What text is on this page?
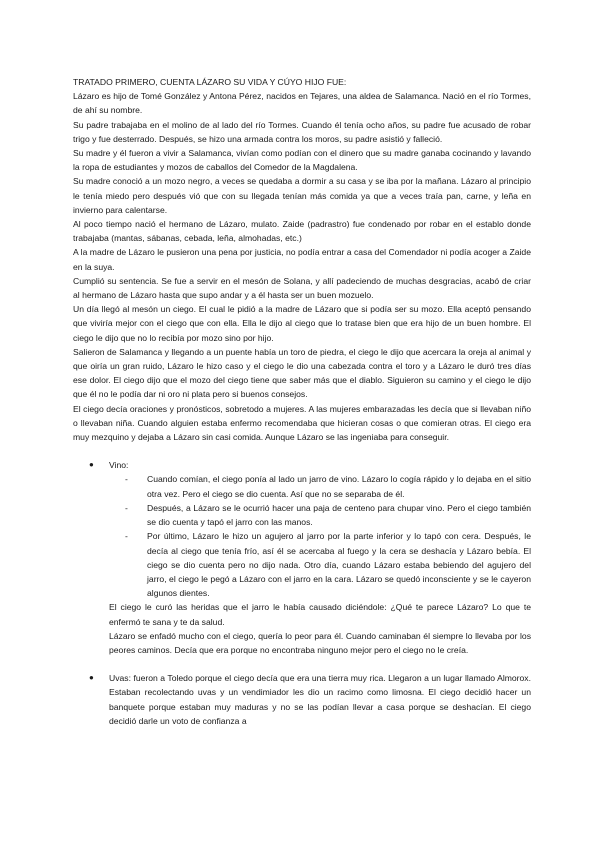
TRATADO PRIMERO, CUENTA LÁZARO SU VIDA Y CÚYO HIJO FUE:

Lázaro es hijo de Tomé González y Antona Pérez, nacidos en Tejares, una aldea de Salamanca. Nació en el río Tormes, de ahí su nombre.

Su padre trabajaba en el molino de al lado del río Tormes. Cuando él tenía ocho años, su padre fue acusado de robar trigo y fue desterrado. Después, se hizo una armada contra los moros, su padre asistió y falleció.

Su madre y él fueron a vivir a Salamanca, vivían como podían con el dinero que su madre ganaba cocinando y lavando la ropa de estudiantes y mozos de caballos del Comedor de la Magdalena.

Su madre conoció a un mozo negro, a veces se quedaba a dormir a su casa y se iba por la mañana. Lázaro al principio le tenía miedo pero después vió que con su llegada tenían más comida ya que a veces traía pan, carne, y leña en invierno para calentarse.

Al poco tiempo nació el hermano de Lázaro, mulato. Zaide (padrastro) fue condenado por robar en el establo donde trabajaba (mantas, sábanas, cebada, leña, almohadas, etc.)

A la madre de Lázaro le pusieron una pena por justicia, no podía entrar a casa del Comendador ni podía acoger a Zaide en la suya.

Cumplió su sentencia. Se fue a servir en el mesón de Solana, y allí padeciendo de muchas desgracias, acabó de criar al hermano de Lázaro hasta que supo andar y a él hasta ser un buen mozuelo.

Un día llegó al mesón un ciego. El cual le pidió a la madre de Lázaro que si podía ser su mozo. Ella aceptó pensando que viviría mejor con el ciego que con ella. Ella le dijo al ciego que lo tratase bien que era hijo de un buen hombre. El ciego le dijo que no lo recibía por mozo sino por hijo.

Salieron de Salamanca y llegando a un puente había un toro de piedra, el ciego le dijo que acercara la oreja al animal y que oiría un gran ruido, Lázaro le hizo caso y el ciego le dio una cabezada contra el toro y a Lázaro le duró tres días ese dolor. El ciego dijo que el mozo del ciego tiene que saber más que el diablo. Siguieron su camino y el ciego le dijo que él no le podía dar ni oro ni plata pero si buenos consejos.

El ciego decía oraciones y pronósticos, sobretodo a mujeres. A las mujeres embarazadas les decía que si llevaban niño o llevaban niña. Cuando alguien estaba enfermo recomendaba que hicieran cosas o que comieran otras. El ciego era muy mezquino y dejaba a Lázaro sin casi comida. Aunque Lázaro se las ingeniaba para conseguir.

●	Vino:
- Cuando comían, el ciego ponía al lado un jarro de vino. Lázaro lo cogía rápido y lo dejaba en el sitio otra vez. Pero el ciego se dio cuenta. Así que no se separaba de él.
- Después, a Lázaro se le ocurrió hacer una paja de centeno para chupar vino. Pero el ciego también se dio cuenta y tapó el jarro con las manos.
- Por último, Lázaro le hizo un agujero al jarro por la parte inferior y lo tapó con cera. Después, le decía al ciego que tenía frío, así él se acercaba al fuego y la cera se deshacía y Lázaro bebía. El ciego se dio cuenta pero no dijo nada. Otro día, cuando Lázaro estaba bebiendo del agujero del jarro, el ciego le pegó a Lázaro con el jarro en la cara. Lázaro se quedó inconsciente y se le cayeron algunos dientes.

El ciego le curó las heridas que el jarro le había causado diciéndole: ¿Qué te parece Lázaro? Lo que te enfermó te sana y te da salud.

Lázaro se enfadó mucho con el ciego, quería lo peor para él. Cuando caminaban él siempre lo llevaba por los peores caminos. Decía que era porque no encontraba ninguno mejor pero el ciego no le creía.

●	Uvas: fueron a Toledo porque el ciego decía que era una tierra muy rica. Llegaron a un lugar llamado Almorox. Estaban recolectando uvas y un vendimiador les dio un racimo como limosna. El ciego decidió hacer un banquete porque estaban muy maduras y no se las podían llevar a casa porque se deshacían. El ciego decidió darle un voto de confianza a
